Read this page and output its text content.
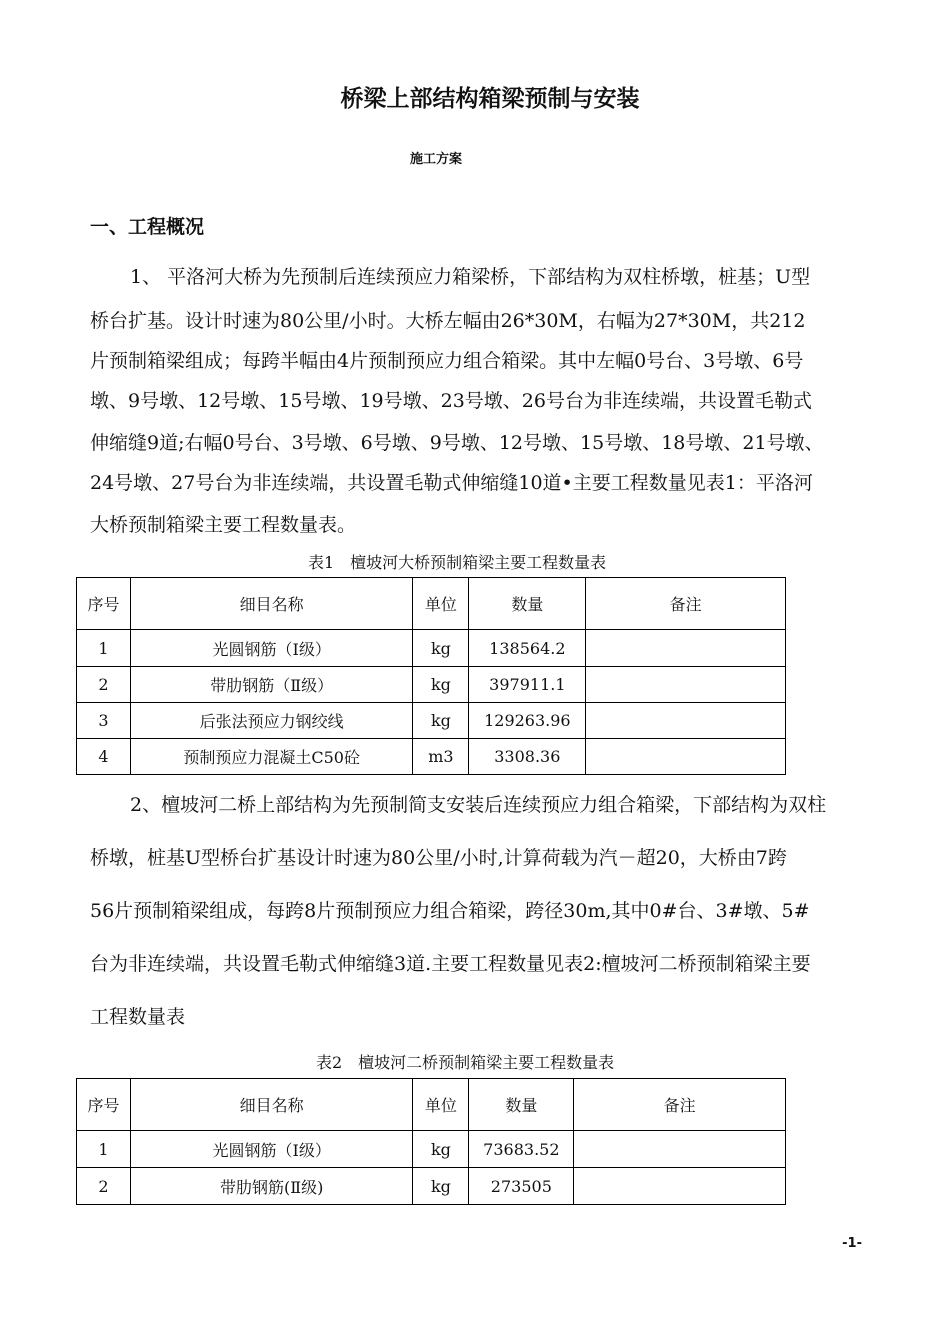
桥梁上部结构箱梁预制与安装
施工方案
一、工程概况
1、 平洛河大桥为先预制后连续预应力箱梁桥，下部结构为双柱桥墩，桩基；U型
桥台扩基。设计时速为80公里/小时。大桥左幅由26*30M，右幅为27*30M，共212
片预制箱梁组成；每跨半幅由4片预制预应力组合箱梁。其中左幅0号台、3号墩、6号
墩、9号墩、12号墩、15号墩、19号墩、23号墩、26号台为非连续端，共设置毛勒式
伸缩缝9道;右幅0号台、3号墩、6号墩、9号墩、12号墩、15号墩、18号墩、21号墩、
24号墩、27号台为非连续端，共设置毛勒式伸缩缝10道•主要工程数量见表1：平洛河
大桥预制箱梁主要工程数量表。
表1　檀坡河大桥预制箱梁主要工程数量表
序号	细目名称	单位	数量	备注
1	光圆钢筋（Ⅰ级）	kg	138564.2	
2	带肋钢筋（Ⅱ级）	kg	397911.1	
3	后张法预应力钢绞线	kg	129263.96	
4	预制预应力混凝土C50砼	m3	3308.36	
2、檀坡河二桥上部结构为先预制简支安装后连续预应力组合箱梁，下部结构为双柱
桥墩，桩基U型桥台扩基设计时速为80公里/小时,计算荷载为汽－超20，大桥由7跨
56片预制箱梁组成，每跨8片预制预应力组合箱梁，跨径30m,其中0#台、3#墩、5#
台为非连续端，共设置毛勒式伸缩缝3道.主要工程数量见表2:檀坡河二桥预制箱梁主要
工程数量表
表2　檀坡河二桥预制箱梁主要工程数量表
序号	细目名称	单位	数量	备注
1	光圆钢筋（Ⅰ级）	kg	73683.52	
2	带肋钢筋(Ⅱ级)	kg	273505	
-1-
